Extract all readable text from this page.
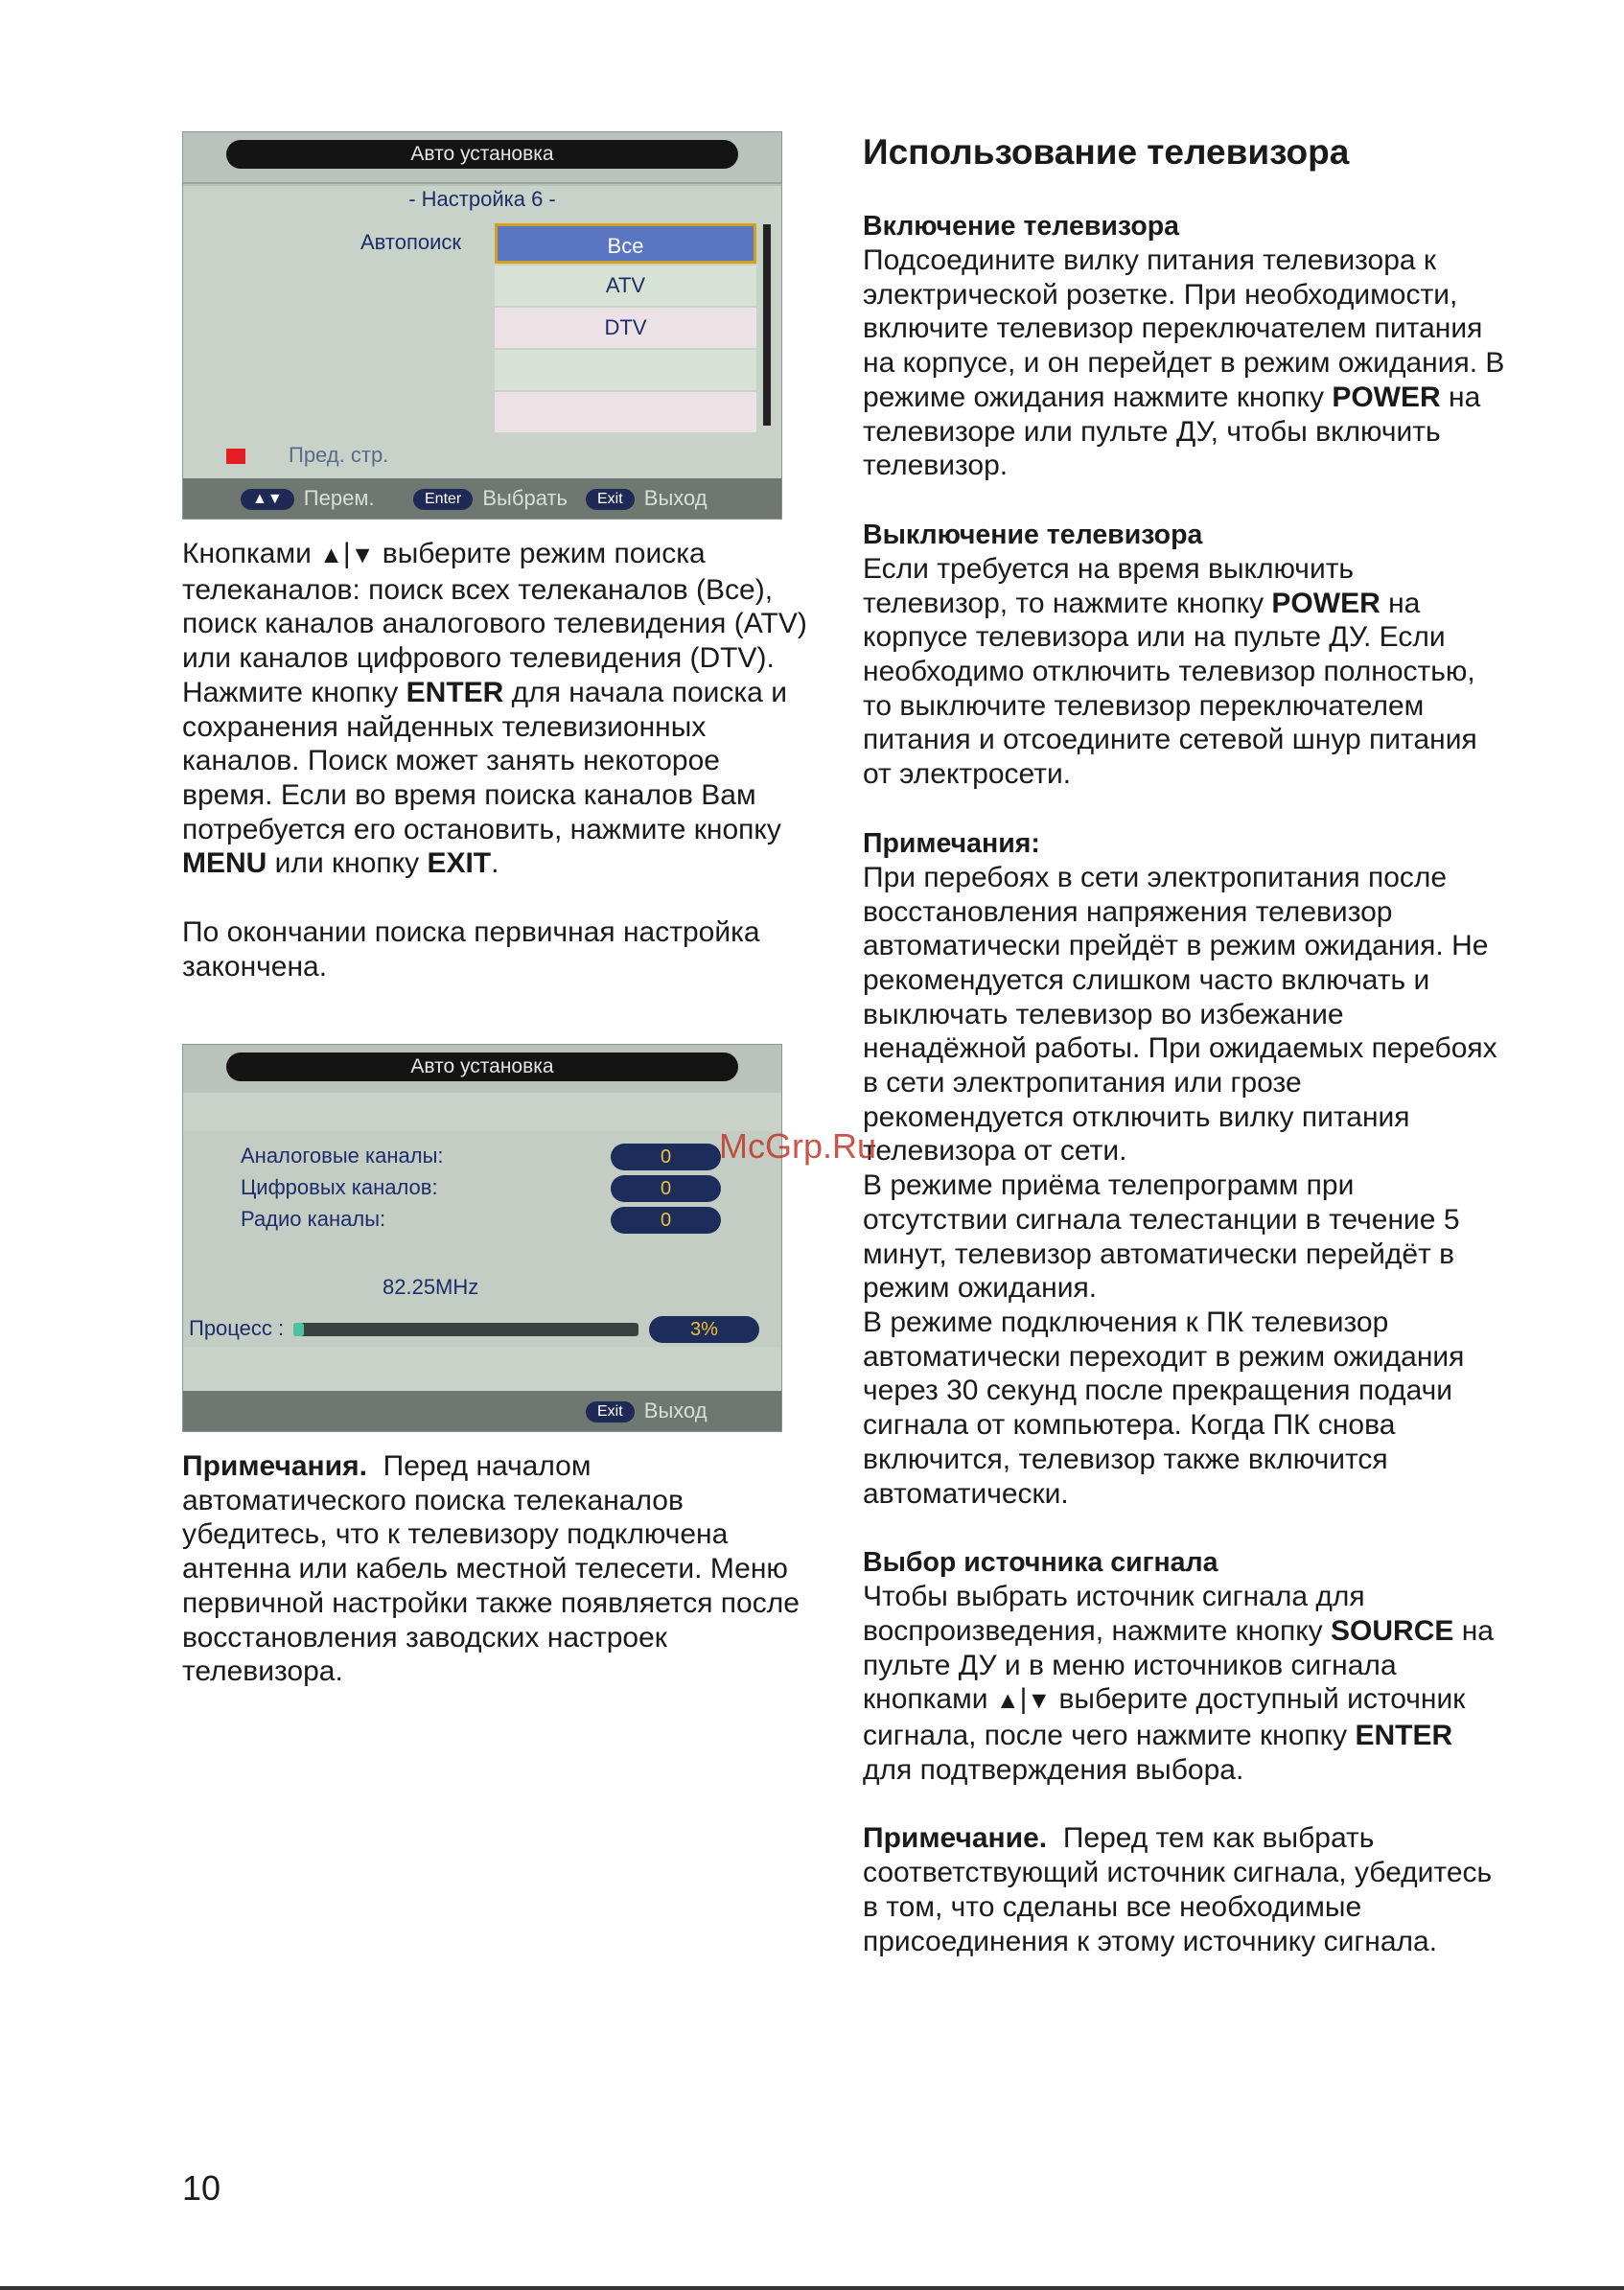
Авто установка
- Настройка 6 -
Автопоиск	Все
ATV
DTV
Пред. стр.
▲▼ Перем.	Enter Выбрать	Exit Выход

Кнопками ▲|▼ выберите режим поиска телеканалов: поиск всех телеканалов (Все), поиск каналов аналогового телевидения (ATV) или каналов цифрового телевидения (DTV).

Нажмите кнопку ENTER для начала поиска и сохранения найденных телевизионных каналов. Поиск может занять некоторое время. Если во время поиска каналов Вам потребуется его остановить, нажмите кнопку MENU или кнопку EXIT.

По окончании поиска первичная настройка закончена.

Авто установка
Аналоговые каналы:	0
Цифровых каналов:	0
Радио каналы:	0
82.25MHz
Процесс :	3%
Exit Выход

Примечания. Перед началом автоматического поиска телеканалов убедитесь, что к телевизору подключена антенна или кабель местной телесети. Меню первичной настройки также появляется после восстановления заводских настроек телевизора.

Использование телевизора
Включение телевизора

Подсоедините вилку питания телевизора к электрической розетке. При необходимости, включите телевизор переключателем питания на корпусе, и он перейдет в режим ожидания. В режиме ожидания нажмите кнопку POWER на телевизоре или пульте ДУ, чтобы включить телевизор.

Выключение телевизора

Если требуется на время выключить телевизор, то нажмите кнопку POWER на корпусе телевизора или на пульте ДУ. Если необходимо отключить телевизор полностью, то выключите телевизор переключателем питания и отсоедините сетевой шнур питания от электросети.

Примечания:

При перебоях в сети электропитания после восстановления напряжения телевизор автоматически прейдёт в режим ожидания. Не рекомендуется слишком часто включать и выключать телевизор во избежание ненадёжной работы. При ожидаемых перебоях в сети электропитания или грозе рекомендуется отключить вилку питания телевизора от сети.

В режиме приёма телепрограмм при отсутствии сигнала телестанции в течение 5 минут, телевизор автоматически перейдёт в режим ожидания.

В режиме подключения к ПК телевизор автоматически переходит в режим ожидания через 30 секунд после прекращения подачи сигнала от компьютера. Когда ПК снова включится, телевизор также включится автоматически.

Выбор источника сигнала

Чтобы выбрать источник сигнала для воспроизведения, нажмите кнопку SOURCE на пульте ДУ и в меню источников сигнала кнопками ▲|▼ выберите доступный источник сигнала, после чего нажмите кнопку ENTER для подтверждения выбора.

Примечание. Перед тем как выбрать соответствующий источник сигнала, убедитесь в том, что сделаны все необходимые присоединения к этому источнику сигнала.

McGrp.Ru
10
